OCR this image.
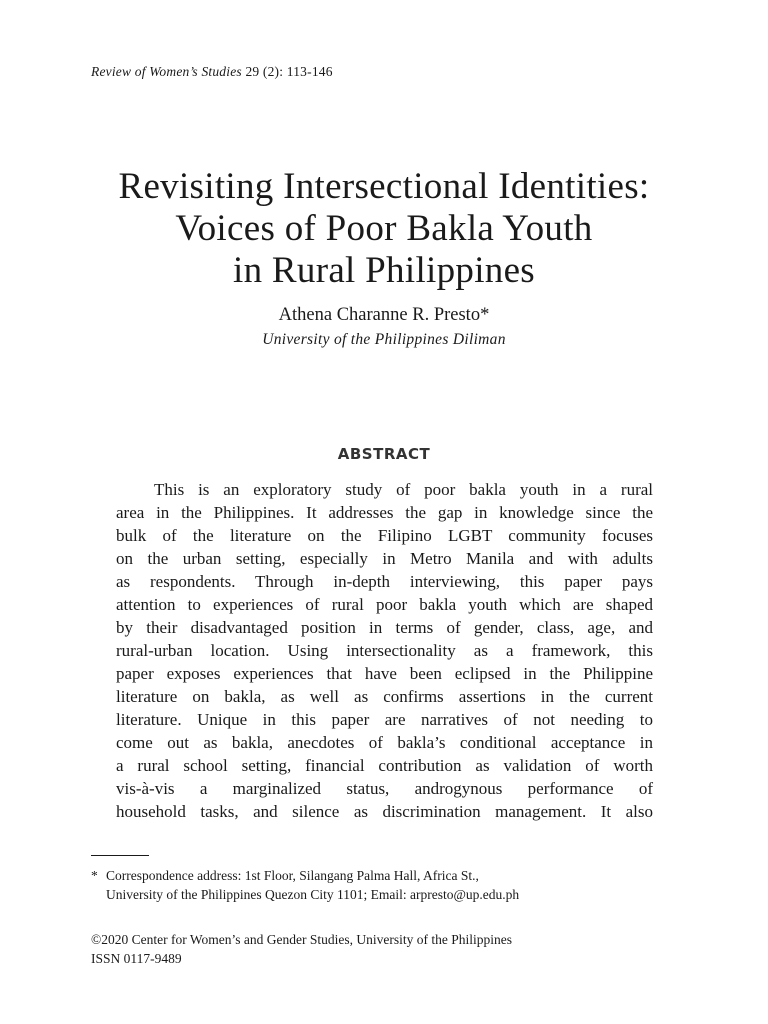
Review of Women’s Studies 29 (2): 113-146
Revisiting Intersectional Identities:
Voices of Poor Bakla Youth
in Rural Philippines
Athena Charanne R. Presto*
University of the Philippines Diliman
ABSTRACT
This is an exploratory study of poor bakla youth in a rural
area in the Philippines. It addresses the gap in knowledge since the
bulk of the literature on the Filipino LGBT community focuses
on the urban setting, especially in Metro Manila and with adults
as respondents. Through in-depth interviewing, this paper pays
attention to experiences of rural poor bakla youth which are shaped
by their disadvantaged position in terms of gender, class, age, and
rural-urban location. Using intersectionality as a framework, this
paper exposes experiences that have been eclipsed in the Philippine
literature on bakla, as well as confirms assertions in the current
literature. Unique in this paper are narratives of not needing to
come out as bakla, anecdotes of bakla’s conditional acceptance in
a rural school setting, financial contribution as validation of worth
vis-à-vis a marginalized status, androgynous performance of
household tasks, and silence as discrimination management. It also
* Correspondence address: 1st Floor, Silangang Palma Hall, Africa St.,
University of the Philippines Quezon City 1101; Email: arpresto@up.edu.ph
©2020 Center for Women’s and Gender Studies, University of the Philippines
ISSN 0117-9489
